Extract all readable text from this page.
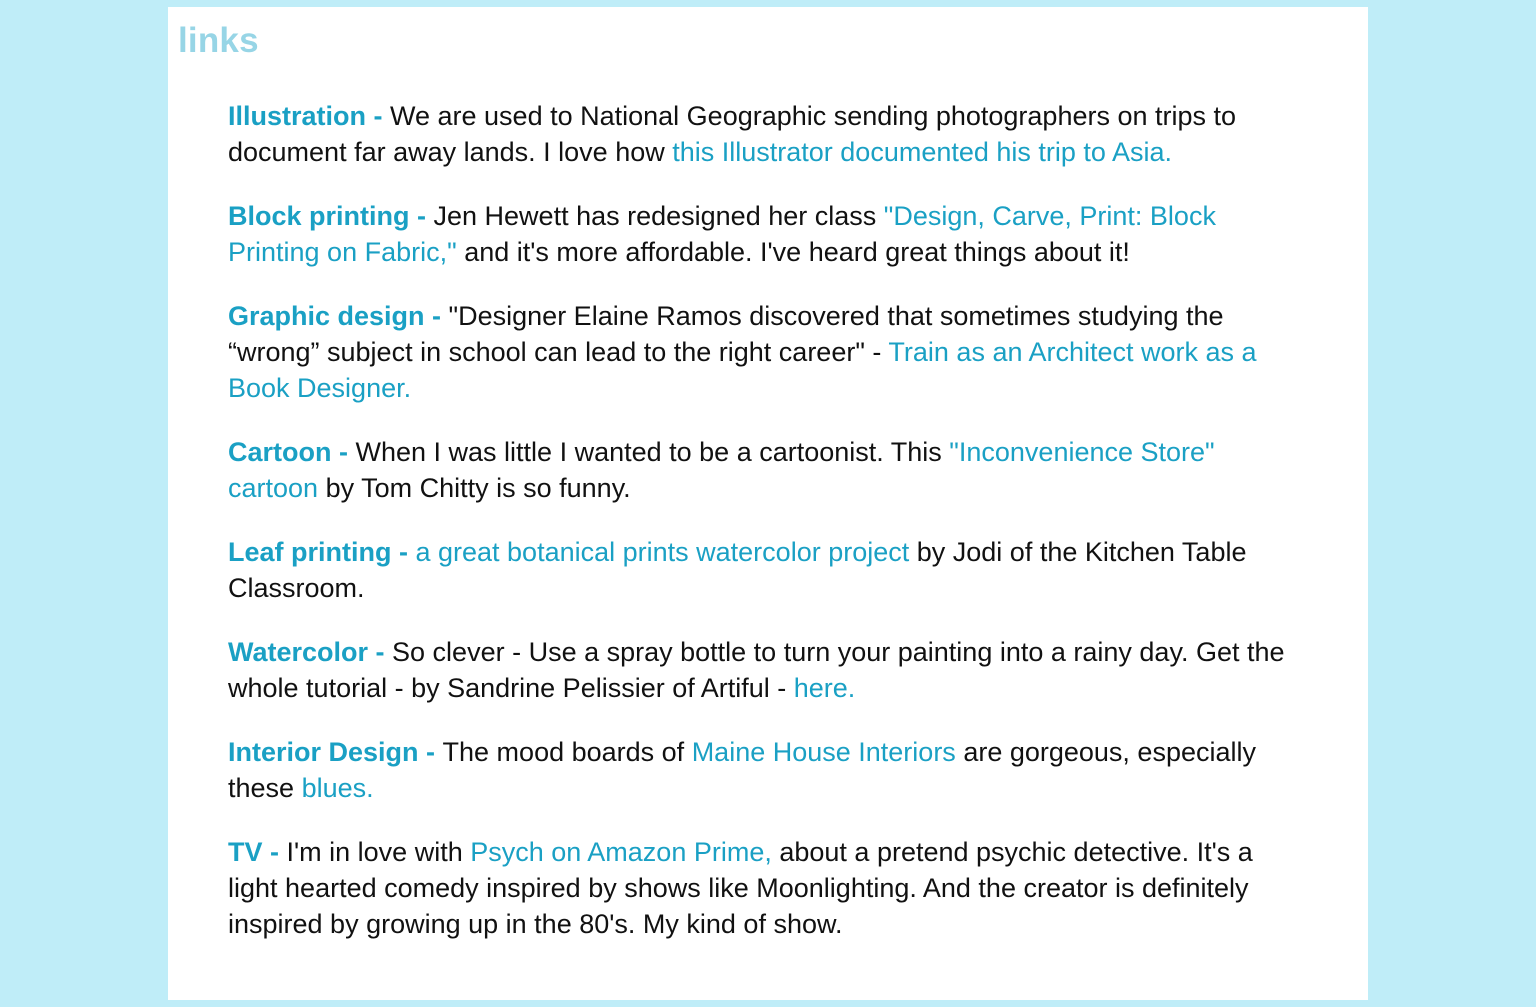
links

Illustration - We are used to National Geographic sending photographers on trips to document far away lands. I love how this Illustrator documented his trip to Asia.

Block printing - Jen Hewett has redesigned her class "Design, Carve, Print: Block Printing on Fabric," and it's more affordable. I've heard great things about it!

Graphic design - "Designer Elaine Ramos discovered that sometimes studying the “wrong” subject in school can lead to the right career" - Train as an Architect work as a Book Designer.

Cartoon - When I was little I wanted to be a cartoonist. This "Inconvenience Store" cartoon by Tom Chitty is so funny.

Leaf printing - a great botanical prints watercolor project by Jodi of the Kitchen Table Classroom.

Watercolor - So clever - Use a spray bottle to turn your painting into a rainy day. Get the whole tutorial - by Sandrine Pelissier of Artiful - here.

Interior Design - The mood boards of Maine House Interiors are gorgeous, especially these blues.

TV - I'm in love with Psych on Amazon Prime, about a pretend psychic detective. It's a light hearted comedy inspired by shows like Moonlighting. And the creator is definitely inspired by growing up in the 80's. My kind of show.
